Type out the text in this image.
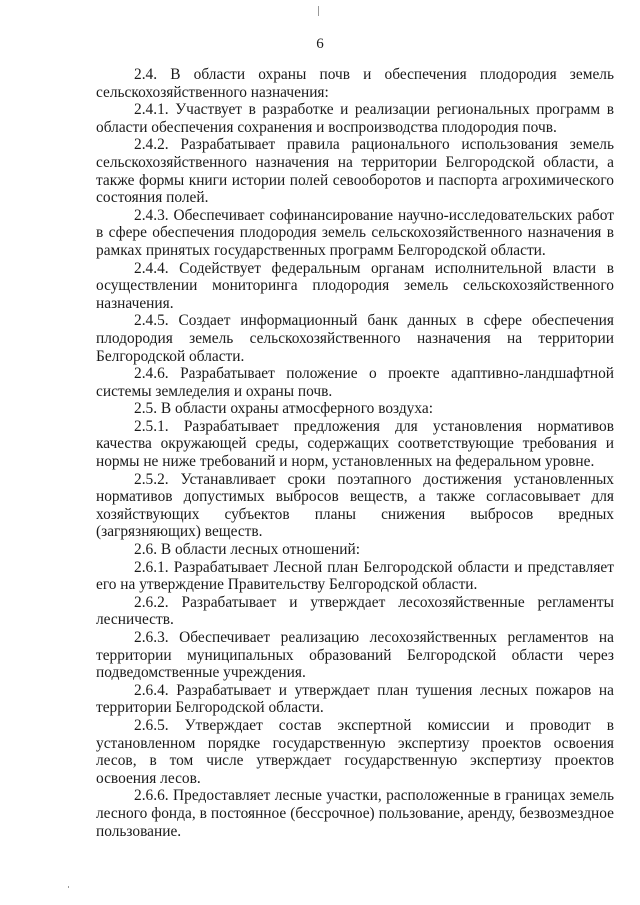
6

2.4. В области охраны почв и обеспечения плодородия земель сельскохозяйственного назначения:

2.4.1. Участвует в разработке и реализации региональных программ в области обеспечения сохранения и воспроизводства плодородия почв.

2.4.2. Разрабатывает правила рационального использования земель сельскохозяйственного назначения на территории Белгородской области, а также формы книги истории полей севооборотов и паспорта агрохимического состояния полей.

2.4.3. Обеспечивает софинансирование научно-исследовательских работ в сфере обеспечения плодородия земель сельскохозяйственного назначения в рамках принятых государственных программ Белгородской области.

2.4.4. Содействует федеральным органам исполнительной власти в осуществлении мониторинга плодородия земель сельскохозяйственного назначения.

2.4.5. Создает информационный банк данных в сфере обеспечения плодородия земель сельскохозяйственного назначения на территории Белгородской области.

2.4.6. Разрабатывает положение о проекте адаптивно-ландшафтной системы земледелия и охраны почв.

2.5. В области охраны атмосферного воздуха:

2.5.1. Разрабатывает предложения для установления нормативов качества окружающей среды, содержащих соответствующие требования и нормы не ниже требований и норм, установленных на федеральном уровне.

2.5.2. Устанавливает сроки поэтапного достижения установленных нормативов допустимых выбросов веществ, а также согласовывает для хозяйствующих субъектов планы снижения выбросов вредных (загрязняющих) веществ.

2.6. В области лесных отношений:

2.6.1. Разрабатывает Лесной план Белгородской области и представляет его на утверждение Правительству Белгородской области.

2.6.2. Разрабатывает и утверждает лесохозяйственные регламенты лесничеств.

2.6.3. Обеспечивает реализацию лесохозяйственных регламентов на территории муниципальных образований Белгородской области через подведомственные учреждения.

2.6.4. Разрабатывает и утверждает план тушения лесных пожаров на территории Белгородской области.

2.6.5. Утверждает состав экспертной комиссии и проводит в установленном порядке государственную экспертизу проектов освоения лесов, в том числе утверждает государственную экспертизу проектов освоения лесов.

2.6.6. Предоставляет лесные участки, расположенные в границах земель лесного фонда, в постоянное (бессрочное) пользование, аренду, безвозмездное пользование.
